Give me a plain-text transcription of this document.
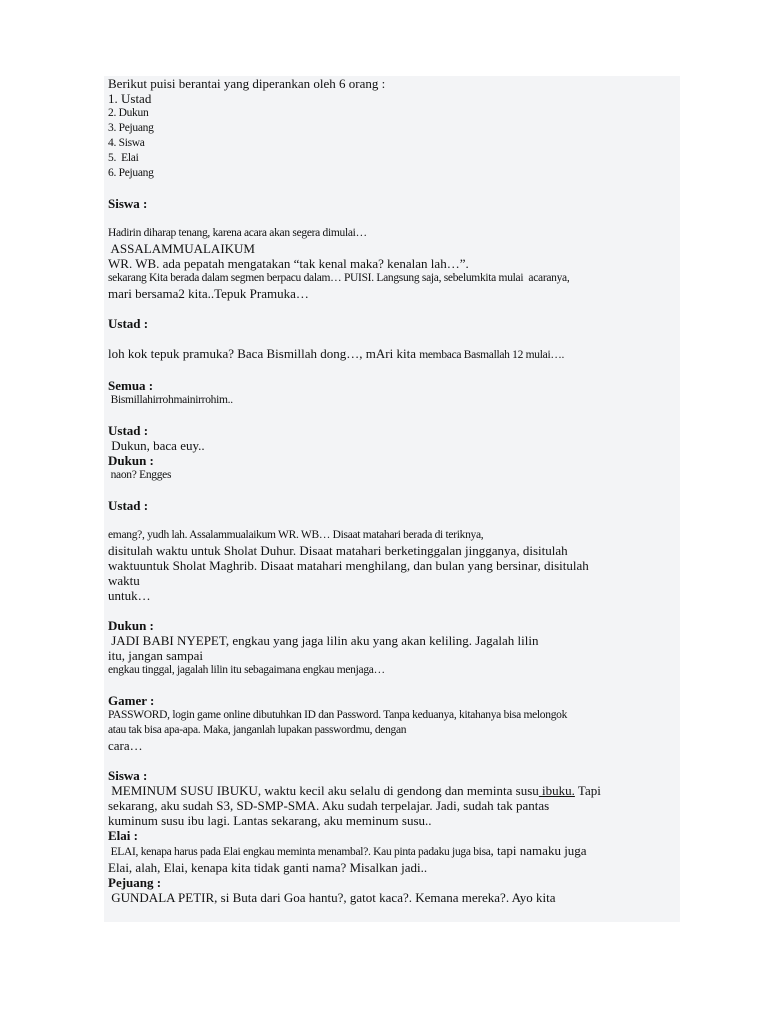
Berikut puisi berantai yang diperankan oleh 6 orang :
1. Ustad
2. Dukun
3. Pejuang
4. Siswa
5.  Elai
6. Pejuang
Siswa :
Hadirin diharap tenang, karena acara akan segera dimulai…
ASSALAMMUALAIKUM
WR. WB. ada pepatah mengatakan “tak kenal maka? kenalan lah…”.
sekarang Kita berada dalam segmen berpacu dalam… PUISI. Langsung saja, sebelumkita mulai  acaranya,
mari bersama2 kita..Tepuk Pramuka…
Ustad :
loh kok tepuk pramuka? Baca Bismillah dong…, mAri kita membaca Basmallah 12 mulai….
Semua :
Bismillahirrohmainirrohim..
Ustad :
Dukun, baca euy..
Dukun :
naon? Engges
Ustad :
emang?, yudh lah. Assalammualaikum WR. WB… Disaat matahari berada di teriknya,
disitulah waktu untuk Sholat Duhur. Disaat matahari berketinggalan jingganya, disitulah
waktuuntuk Sholat Maghrib. Disaat matahari menghilang, dan bulan yang bersinar, disitulah
waktu
untuk…
Dukun :
JADI BABI NYEPET, engkau yang jaga lilin aku yang akan keliling. Jagalah lilin
itu, jangan sampai
engkau tinggal, jagalah lilin itu sebagaimana engkau menjaga…
Gamer :
PASSWORD, login game online dibutuhkan ID dan Password. Tanpa keduanya, kitahanya bisa melongok
atau tak bisa apa-apa. Maka, janganlah lupakan passwordmu, dengan
cara…
Siswa :
MEMINUM SUSU IBUKU, waktu kecil aku selalu di gendong dan meminta susu ibuku. Tapi
sekarang, aku sudah S3, SD-SMP-SMA. Aku sudah terpelajar. Jadi, sudah tak pantas
kuminum susu ibu lagi. Lantas sekarang, aku meminum susu..
Elai :
ELAI, kenapa harus pada Elai engkau meminta menambal?. Kau pinta padaku juga bisa, tapi namaku juga
Elai, alah, Elai, kenapa kita tidak ganti nama? Misalkan jadi..
Pejuang :
GUNDALA PETIR, si Buta dari Goa hantu?, gatot kaca?. Kemana mereka?. Ayo kita
